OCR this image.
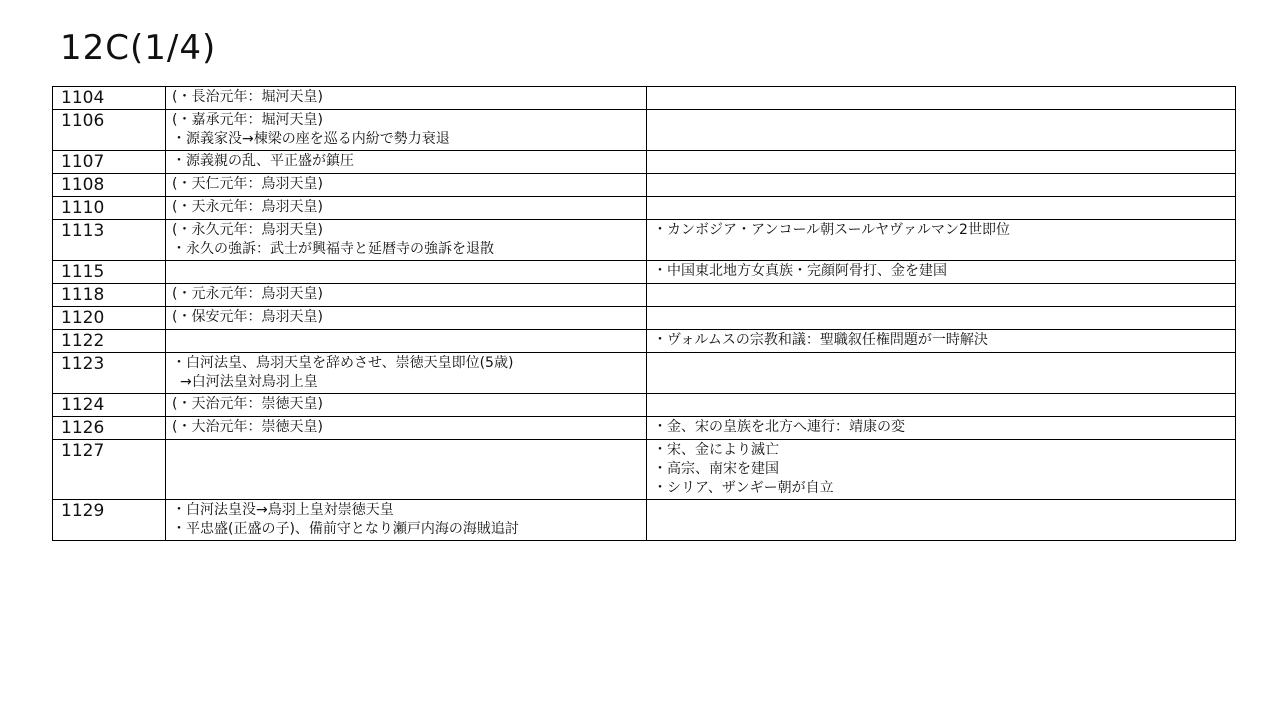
12C(1/4)
1104	(・長治元年：堀河天皇)	

1106	(・嘉承元年：堀河天皇)
・源義家没→棟梁の座を巡る内紛で勢力衰退	

1107	・源義親の乱、平正盛が鎮圧	

1108	(・天仁元年：鳥羽天皇)	

1110	(・天永元年：鳥羽天皇)	

1113	(・永久元年：鳥羽天皇)
・永久の強訴：武士が興福寺と延暦寺の強訴を退散	・カンボジア・アンコール朝スールヤヴァルマン2世即位

1115		・中国東北地方女真族・完顔阿骨打、金を建国

1118	(・元永元年：鳥羽天皇)	

1120	(・保安元年：鳥羽天皇)	

1122		・ヴォルムスの宗教和議：聖職叙任権問題が一時解決

1123	・白河法皇、鳥羽天皇を辞めさせ、崇徳天皇即位(5歳)
→白河法皇対鳥羽上皇	

1124	(・天治元年：崇徳天皇)	

1126	(・大治元年：崇徳天皇)	・金、宋の皇族を北方へ連行：靖康の変

1127		・宋、金により滅亡
・高宗、南宋を建国
・シリア、ザンギー朝が自立

1129	・白河法皇没→鳥羽上皇対崇徳天皇
・平忠盛(正盛の子)、備前守となり瀬戸内海の海賊追討	
